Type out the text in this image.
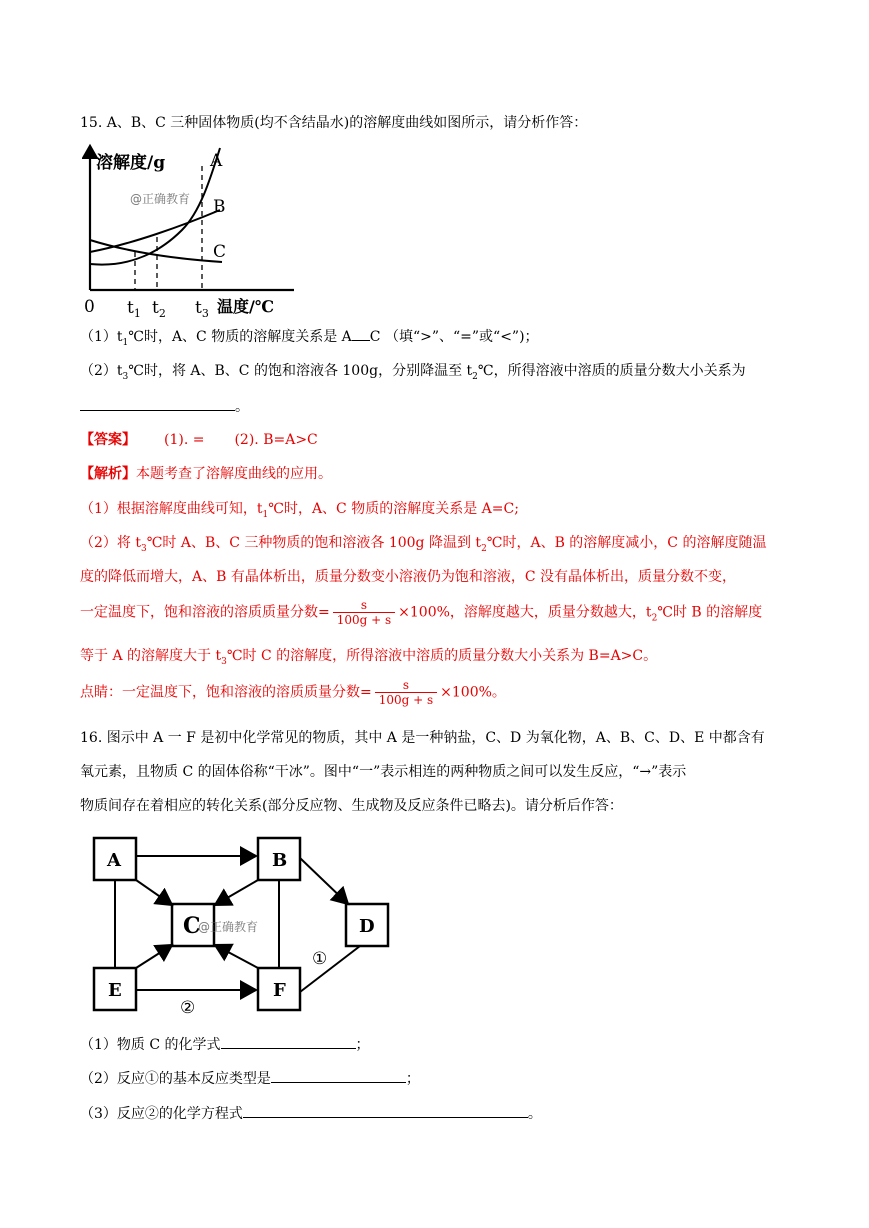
15. A、B、C 三种固体物质(均不含结晶水)的溶解度曲线如图所示，请分析作答：
溶解度/g
@正确教育
A
B
C
0 $t_1$ $t_2$ $t_3$ 温度/℃
$(1)t_1℃$时，A、C 物质的溶解度关系是 A C （填“>”、“=”或“<”)；
$(2)t_3℃$时，将 A、B、C 的饱和溶液各 100g，分别降温至 $t_2℃$，所得溶液中溶质的质量分数大小关系为
。
【答案】 (1). = (2). B=A>C
【解析】本题考查了溶解度曲线的应用。
（1）根据溶解度曲线可知，$t_1℃$时，A、C 物质的溶解度关系是 A=C;
（2）将 $t_3℃$时 A、B、C 三种物质的饱和溶液各 100g 降温到 $t_2℃$时，A、B 的溶解度减小，C 的溶解度随温
度的降低而增大，A、B 有晶体析出，质量分数变小溶液仍为饱和溶液，C 没有晶体析出，质量分数不变，
一定温度下，饱和溶液的溶质质量分数= $\frac{s}{100g + s} \times 100\%$，溶解度越大，质量分数越大，$t_2℃$时 B 的溶解度
等于 A 的溶解度大于 $t_3℃$时 C 的溶解度，所得溶液中溶质的质量分数大小关系为 B=A>C。
点睛：一定温度下，饱和溶液的溶质质量分数= $\frac{s}{100g + s} \times 100\%$。
16. 图示中 A 一 F 是初中化学常见的物质，其中 A 是一种钠盐，C、D 为氧化物，A、B、C、D、E 中都含有
氧元素，且物质 C 的固体俗称“干冰”。图中“一”表示相连的两种物质之间可以发生反应，“→”表示
物质间存在着相应的转化关系(部分反应物、生成物及反应条件已略去)。请分析后作答：
A	B
C	D
E	F
@正确教育
①
②
（1）物质 C 的化学式	；
（2）反应①的基本反应类型是	；
（3）反应②的化学方程式	。
